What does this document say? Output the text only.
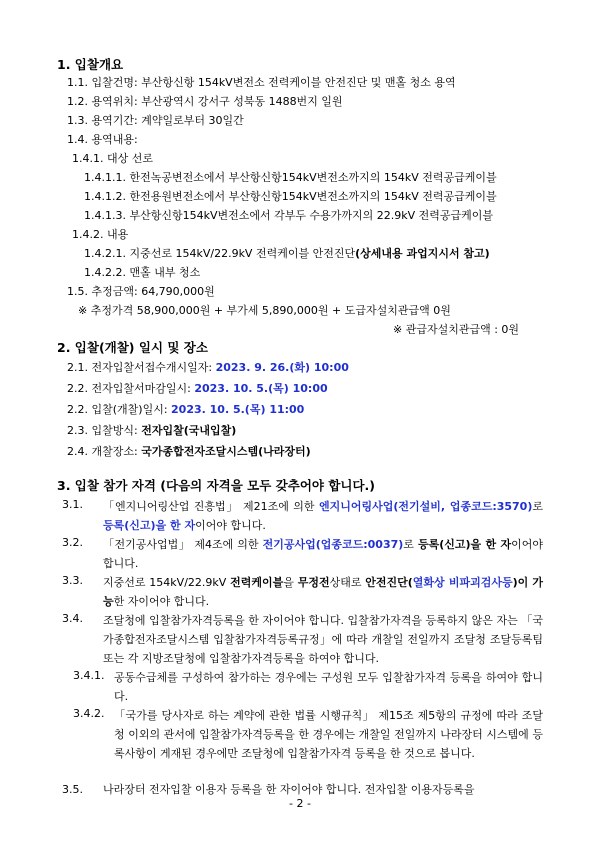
1. 입찰개요
1.1. 입찰건명: 부산항신항 154kV변전소 전력케이블 안전진단 및 맨홀 청소 용역
1.2. 용역위치: 부산광역시 강서구 성북동 1488번지 일원
1.3. 용역기간: 계약일로부터 30일간
1.4. 용역내용:
1.4.1. 대상 선로
1.4.1.1. 한전녹공변전소에서 부산항신항154kV변전소까지의 154kV 전력공급케이블
1.4.1.2. 한전용원변전소에서 부산항신항154kV변전소까지의 154kV 전력공급케이블
1.4.1.3. 부산항신항154kV변전소에서 각부두 수용가까지의 22.9kV 전력공급케이블
1.4.2. 내용
1.4.2.1. 지중선로 154kV/22.9kV 전력케이블 안전진단(상세내용 과업지시서 참고)
1.4.2.2. 맨홀 내부 청소
1.5. 추정금액: 64,790,000원
※ 추정가격 58,900,000원 + 부가세 5,890,000원 + 도급자설치관급액 0원
※ 관급자설치관급액 : 0원
2. 입찰(개찰) 일시 및 장소
2.1. 전자입찰서접수개시일자: 2023. 9. 26.(화) 10:00
2.2. 전자입찰서마감일시: 2023. 10. 5.(목) 10:00
2.2. 입찰(개찰)일시: 2023. 10. 5.(목) 11:00
2.3. 입찰방식: 전자입찰(국내입찰)
2.4. 개찰장소: 국가종합전자조달시스템(나라장터)
3. 입찰 참가 자격 (다음의 자격을 모두 갖추어야 합니다.)
3.1. 「엔지니어링산업 진흥법」 제21조에 의한 엔지니어링사업(전기설비, 업종코드:3570)로 등록(신고)을 한 자이어야 합니다.
3.2. 「전기공사업법」 제4조에 의한 전기공사업(업종코드:0037)로 등록(신고)을 한 자이어야 합니다.
3.3. 지중선로 154kV/22.9kV 전력케이블을 무정전상태로 안전진단(열화상 비파괴검사등)이 가능한 자이어야 합니다.
3.4. 조달청에 입찰참가자격등록을 한 자이어야 합니다. 입찰참가자격을 등록하지 않은 자는 「국가종합전자조달시스템 입찰참가자격등록규정」에 따라 개찰일 전일까지 조달청 조달등록팀 또는 각 지방조달청에 입찰참가자격등록을 하여야 합니다.
3.4.1. 공동수급체를 구성하여 참가하는 경우에는 구성원 모두 입찰참가자격 등록을 하여야 합니다.
3.4.2. 「국가를 당사자로 하는 계약에 관한 법률 시행규칙」 제15조 제5항의 규정에 따라 조달청 이외의 관서에 입찰참가자격등록을 한 경우에는 개찰일 전일까지 나라장터 시스템에 등록사항이 게재된 경우에만 조달청에 입찰참가자격 등록을 한 것으로 봅니다.
3.5. 나라장터 전자입찰 이용자 등록을 한 자이어야 합니다. 전자입찰 이용자등록을
- 2 -
